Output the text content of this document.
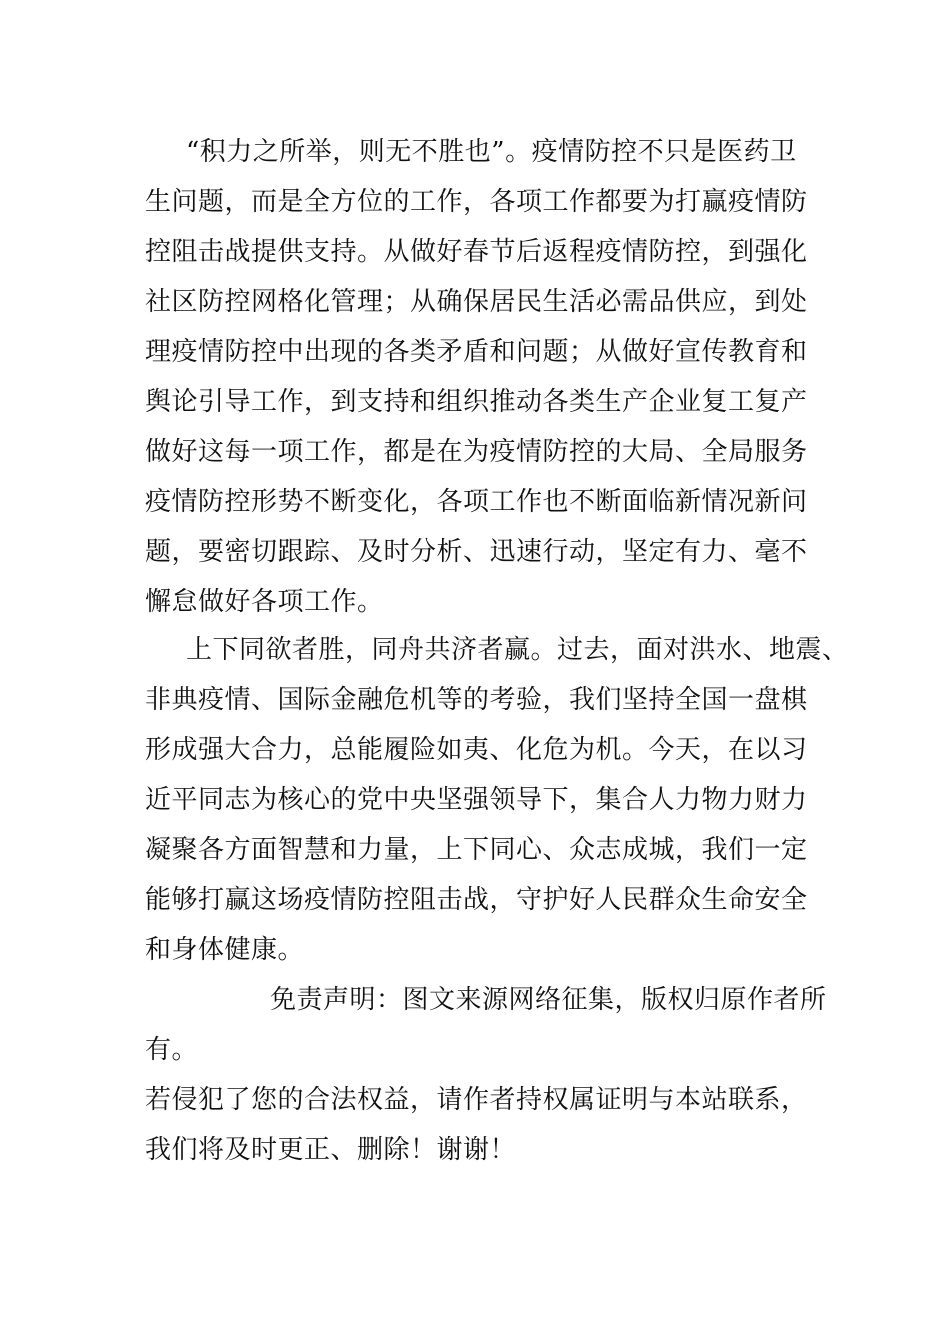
“积力之所举，则无不胜也”。疫情防控不只是医药卫

生问题，而是全方位的工作，各项工作都要为打赢疫情防

控阻击战提供支持。从做好春节后返程疫情防控，到强化

社区防控网格化管理；从确保居民生活必需品供应，到处

理疫情防控中出现的各类矛盾和问题；从做好宣传教育和

舆论引导工作，到支持和组织推动各类生产企业复工复产

做好这每一项工作，都是在为疫情防控的大局、全局服务

疫情防控形势不断变化，各项工作也不断面临新情况新问

题，要密切跟踪、及时分析、迅速行动，坚定有力、毫不

懈怠做好各项工作。

上下同欲者胜，同舟共济者赢。过去，面对洪水、地震、

非典疫情、国际金融危机等的考验，我们坚持全国一盘棋

形成强大合力，总能履险如夷、化危为机。今天，在以习

近平同志为核心的党中央坚强领导下，集合人力物力财力

凝聚各方面智慧和力量，上下同心、众志成城，我们一定

能够打赢这场疫情防控阻击战，守护好人民群众生命安全

和身体健康。

免责声明：图文来源网络征集，版权归原作者所

有。

若侵犯了您的合法权益，请作者持权属证明与本站联系，

我们将及时更正、删除！谢谢！
